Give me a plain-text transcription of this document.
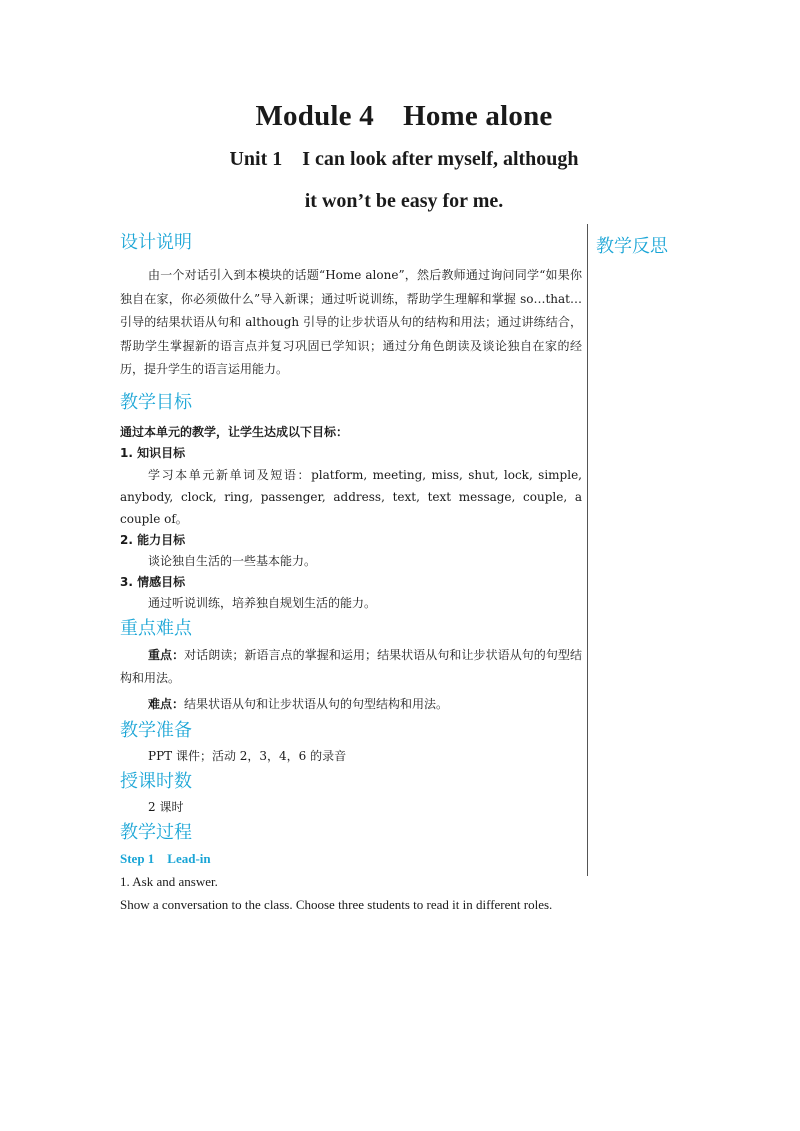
Module 4 Home alone
Unit 1 I can look after myself, although
it won’t be easy for me.
教学反思
设计说明
由一个对话引入到本模块的话题“Home alone”，然后教师通过询问同学“如果你独自在家，你必须做什么”导入新课；通过听说训练，帮助学生理解和掌握 so…that…引导的结果状语从句和 although 引导的让步状语从句的结构和用法；通过讲练结合，帮助学生掌握新的语言点并复习巩固已学知识；通过分角色朗读及谈论独自在家的经历，提升学生的语言运用能力。
教学目标
通过本单元的教学，让学生达成以下目标：
1. 知识目标
学习本单元新单词及短语：platform, meeting, miss, shut, lock, simple, anybody, clock, ring, passenger, address, text, text message, couple, a couple of。
2. 能力目标
谈论独自生活的一些基本能力。
3. 情感目标
通过听说训练，培养独自规划生活的能力。
重点难点
重点：对话朗读；新语言点的掌握和运用；结果状语从句和让步状语从句的句型结构和用法。
难点：结果状语从句和让步状语从句的句型结构和用法。
教学准备
PPT 课件；活动 2，3，4，6 的录音
授课时数
2 课时
教学过程
Step 1 Lead-in
1. Ask and answer.
Show a conversation to the class. Choose three students to read it in different roles.
